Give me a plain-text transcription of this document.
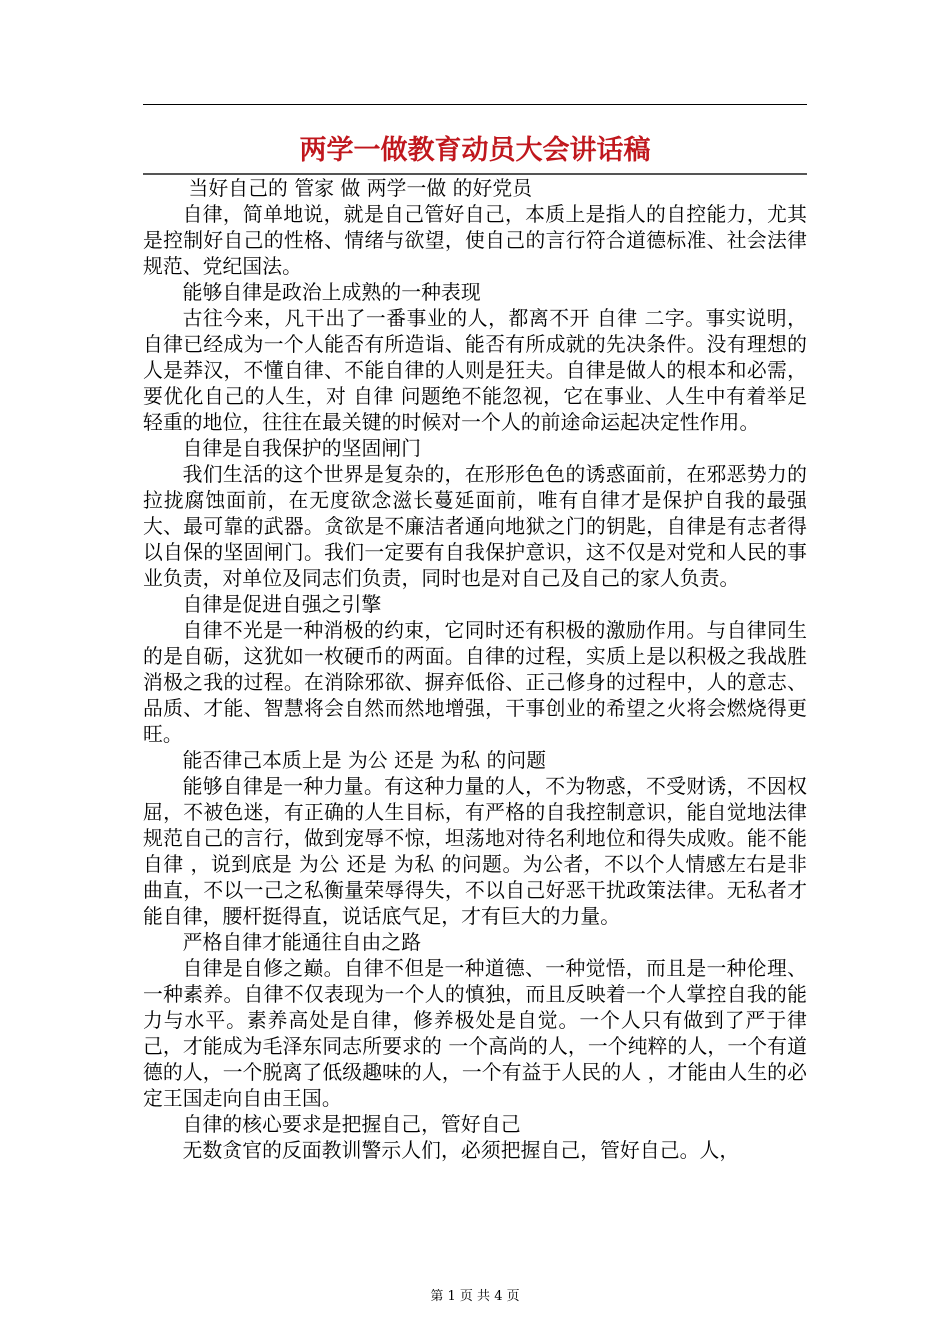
两学一做教育动员大会讲话稿

当好自己的 管家 做 两学一做 的好党员

自律，简单地说，就是自己管好自己，本质上是指人的自控能力，尤其是控制好自己的性格、情绪与欲望，使自己的言行符合道德标准、社会法律规范、党纪国法。

能够自律是政治上成熟的一种表现

古往今来，凡干出了一番事业的人，都离不开 自律 二字。事实说明，自律已经成为一个人能否有所造诣、能否有所成就的先决条件。没有理想的人是莽汉，不懂自律、不能自律的人则是狂夫。自律是做人的根本和必需，要优化自己的人生，对 自律 问题绝不能忽视，它在事业、人生中有着举足轻重的地位，往往在最关键的时候对一个人的前途命运起决定性作用。

自律是自我保护的坚固闸门

我们生活的这个世界是复杂的，在形形色色的诱惑面前，在邪恶势力的拉拢腐蚀面前，在无度欲念滋长蔓延面前，唯有自律才是保护自我的最强大、最可靠的武器。贪欲是不廉洁者通向地狱之门的钥匙，自律是有志者得以自保的坚固闸门。我们一定要有自我保护意识，这不仅是对党和人民的事业负责，对单位及同志们负责，同时也是对自己及自己的家人负责。

自律是促进自强之引擎

自律不光是一种消极的约束，它同时还有积极的激励作用。与自律同生的是自砺，这犹如一枚硬币的两面。自律的过程，实质上是以积极之我战胜消极之我的过程。在消除邪欲、摒弃低俗、正己修身的过程中，人的意志、品质、才能、智慧将会自然而然地增强，干事创业的希望之火将会燃烧得更旺。

能否律己本质上是 为公 还是 为私 的问题

能够自律是一种力量。有这种力量的人，不为物惑，不受财诱，不因权屈，不被色迷，有正确的人生目标，有严格的自我控制意识，能自觉地法律规范自己的言行，做到宠辱不惊，坦荡地对待名利地位和得失成败。能不能 自律 ，说到底是 为公 还是 为私 的问题。为公者，不以个人情感左右是非曲直，不以一己之私衡量荣辱得失，不以自己好恶干扰政策法律。无私者才能自律，腰杆挺得直，说话底气足，才有巨大的力量。

严格自律才能通往自由之路

自律是自修之巅。自律不但是一种道德、一种觉悟，而且是一种伦理、一种素养。自律不仅表现为一个人的慎独，而且反映着一个人掌控自我的能力与水平。素养高处是自律，修养极处是自觉。一个人只有做到了严于律己，才能成为毛泽东同志所要求的 一个高尚的人，一个纯粹的人，一个有道德的人，一个脱离了低级趣味的人，一个有益于人民的人 ，才能由人生的必定王国走向自由王国。

自律的核心要求是把握自己，管好自己

无数贪官的反面教训警示人们，必须把握自己，管好自己。人，

第 1 页 共 4 页
